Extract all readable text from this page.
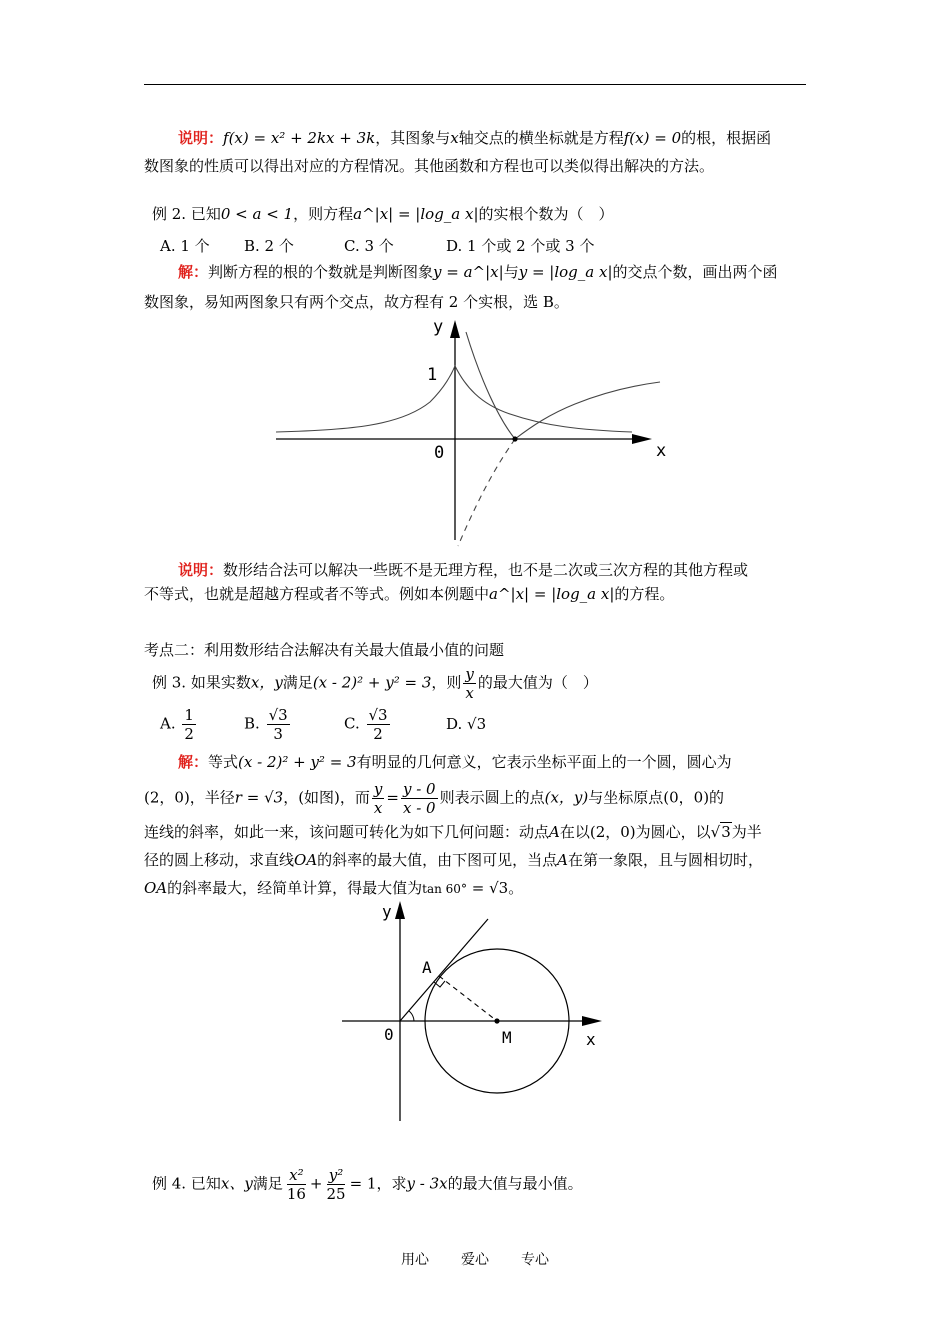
说明：f(x) = x² + 2kx + 3k，其图象与x轴交点的横坐标就是方程f(x) = 0的根，根据函
数图象的性质可以得出对应的方程情况。其他函数和方程也可以类似得出解决的方法。
例 2. 已知0 < a < 1，则方程a^|x| = |log_a x|的实根个数为（　）
A. 1 个 B. 2 个	C. 3 个	D. 1 个或 2 个或 3 个
解：判断方程的根的个数就是判断图象y = a^|x|与y = |log_a x|的交点个数，画出两个函
数图象，易知两图象只有两个交点，故方程有 2 个实根，选 B。
y
x
0
1
说明：数形结合法可以解决一些既不是无理方程，也不是二次或三次方程的其他方程或
不等式，也就是超越方程或者不等式。例如本例题中a^|x| = |log_a x|的方程。
考点二：利用数形结合法解决有关最大值最小值的问题
例 3. 如果实数x，y满足(x - 2)² + y² = 3，则 $\frac{y}{x}$ 的最大值为（　）
A. $\frac{1}{2}$	B. $\frac{√3}{3}$	C. $\frac{√3}{2}$	D. √3
解：等式(x - 2)² + y² = 3有明显的几何意义，它表示坐标平面上的一个圆，圆心为
(2，0)，半径r = √3，(如图)，而 $\frac{y}{x} = \frac{y - 0}{x - 0}$ 则表示圆上的点(x，y)与坐标原点(0，0)的
连线的斜率，如此一来，该问题可转化为如下几何问题：动点A在以(2，0)为圆心，以√3为半
径的圆上移动，求直线OA的斜率的最大值，由下图可见，当点A在第一象限，且与圆相切时，
OA的斜率最大，经简单计算，得最大值为tan 60° = √3。
y
x
0
A
M
例 4. 已知x、y满足 $\frac{\text{x²}}{16} + \frac{\text{y²}}{25} = 1$，求y - 3x的最大值与最小值。
用心 爱心 专心
